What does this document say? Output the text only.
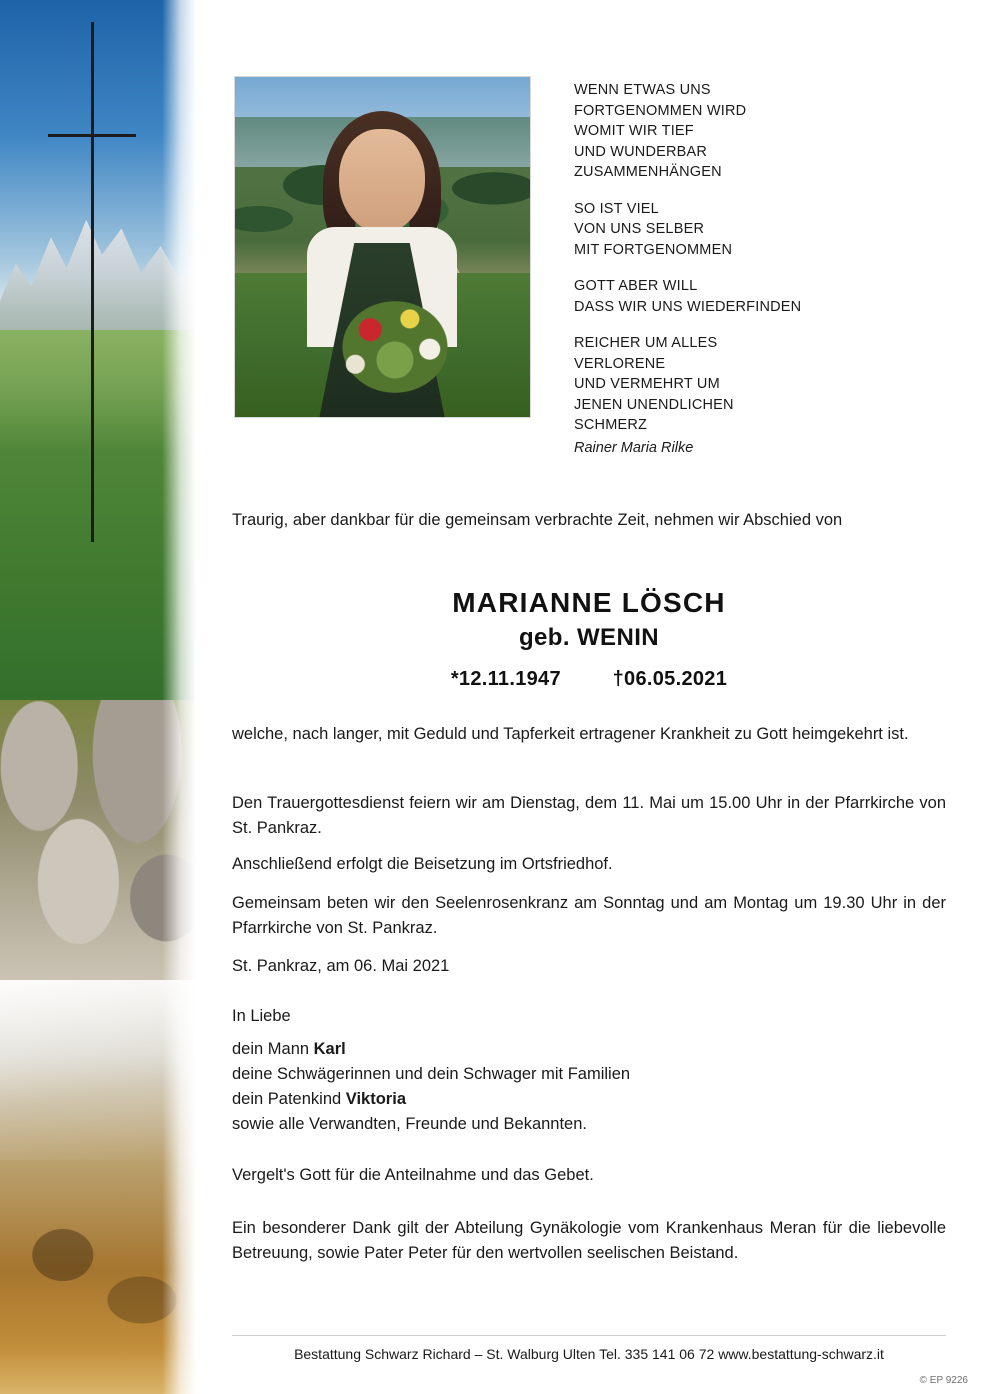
WENN ETWAS UNS
FORTGENOMMEN WIRD
WOMIT WIR TIEF
UND WUNDERBAR
ZUSAMMENHÄNGEN
SO IST VIEL
VON UNS SELBER
MIT FORTGENOMMEN
GOTT ABER WILL
DASS WIR UNS WIEDERFINDEN
REICHER UM ALLES
VERLORENE
UND VERMEHRT UM
JENEN UNENDLICHEN
SCHMERZ
Rainer Maria Rilke
Traurig, aber dankbar für die gemeinsam verbrachte Zeit, nehmen wir Abschied von
MARIANNE LÖSCH
geb. WENIN
*12.11.1947	†06.05.2021
welche, nach langer, mit Geduld und Tapferkeit ertragener Krankheit zu Gott heimgekehrt ist.
Den Trauergottesdienst feiern wir am Dienstag, dem 11. Mai um 15.00 Uhr in der Pfarrkirche von St. Pankraz.
Anschließend erfolgt die Beisetzung im Ortsfriedhof.
Gemeinsam beten wir den Seelenrosenkranz am Sonntag und am Montag um 19.30 Uhr in der Pfarrkirche von St. Pankraz.
St. Pankraz, am 06. Mai 2021
In Liebe
dein Mann Karl
deine Schwägerinnen und dein Schwager mit Familien
dein Patenkind Viktoria
sowie alle Verwandten, Freunde und Bekannten.
Vergelt's Gott für die Anteilnahme und das Gebet.
Ein besonderer Dank gilt der Abteilung Gynäkologie vom Krankenhaus Meran für die liebevolle Betreuung, sowie Pater Peter für den wertvollen seelischen Beistand.
Bestattung Schwarz Richard – St. Walburg Ulten Tel. 335 141 06 72 www.bestattung-schwarz.it
© EP 9226
